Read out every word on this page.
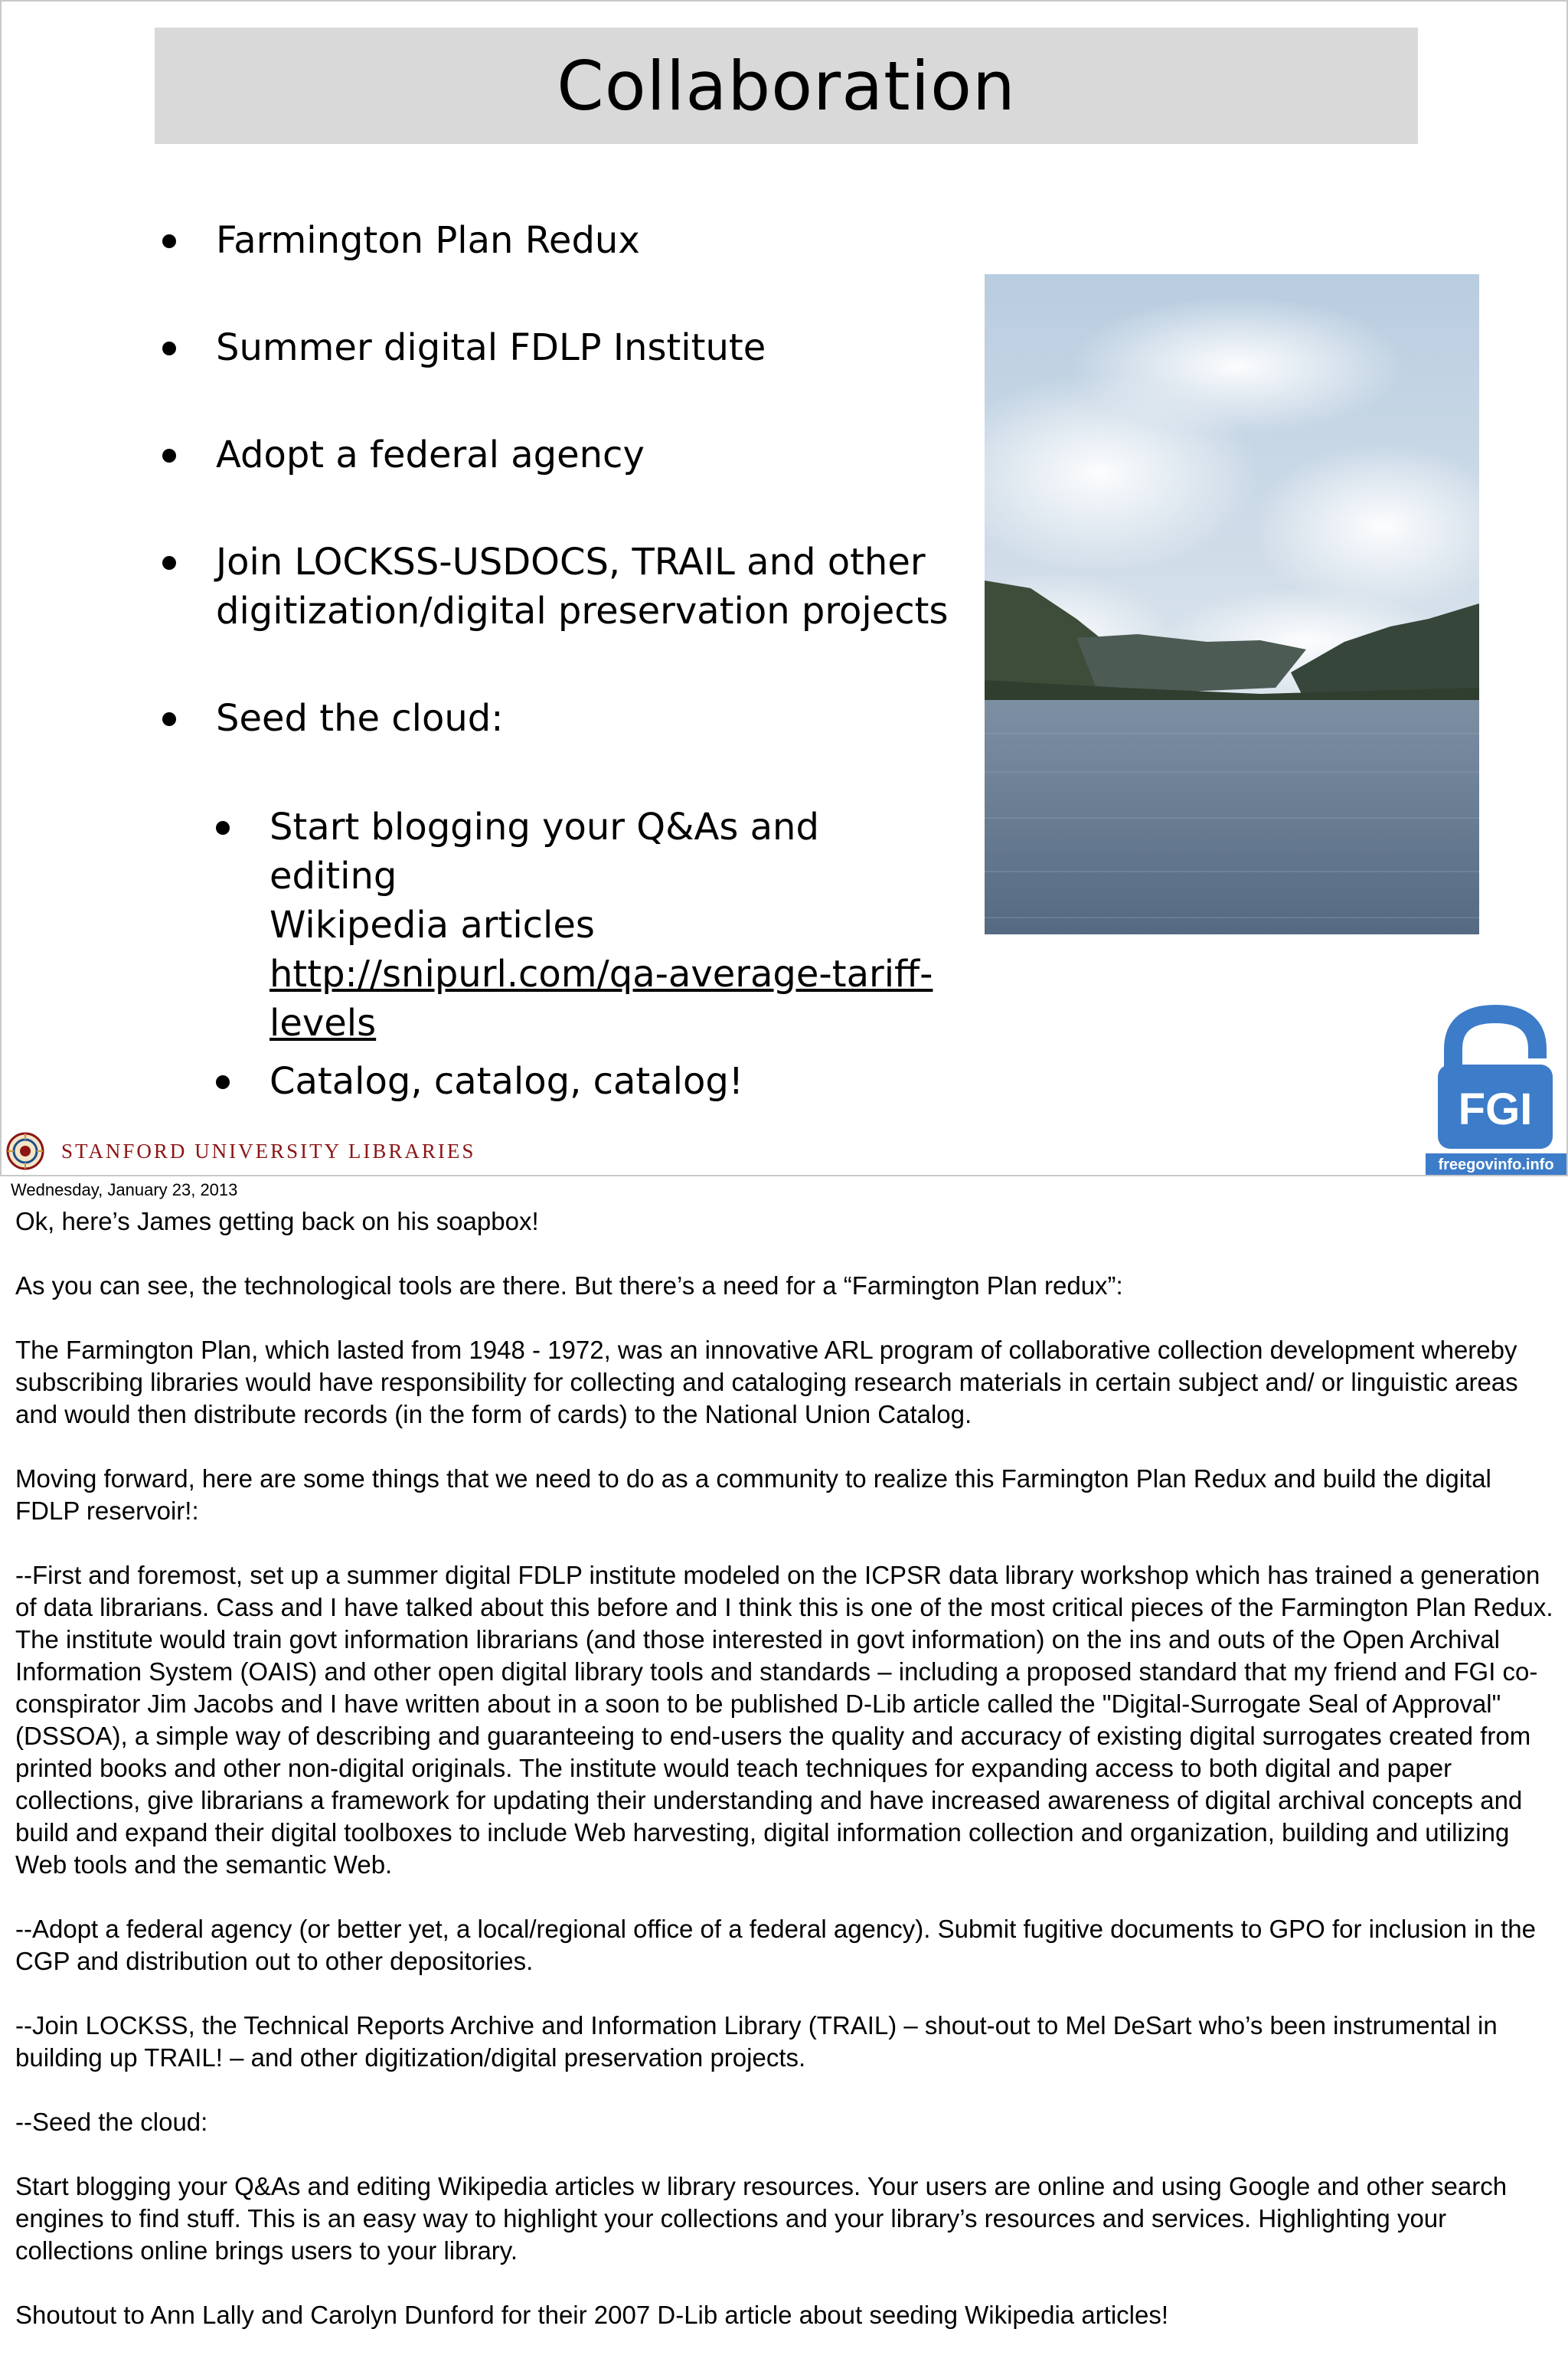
Collaboration
Farmington Plan Redux
Summer digital FDLP Institute
Adopt a federal agency
Join LOCKSS-USDOCS, TRAIL and other
digitization/digital preservation projects
Seed the cloud:
Start blogging your Q&As and editing
Wikipedia articles
http://snipurl.com/qa-average-tariff-
levels
Catalog, catalog, catalog!
STANFORD UNIVERSITY LIBRARIES
FGI
freegovinfo.info
Wednesday, January 23, 2013

Ok, here’s James getting back on his soapbox!

As you can see, the technological tools are there. But there’s a need for a “Farmington Plan redux”:

The Farmington Plan, which lasted from 1948 - 1972, was an innovative ARL program of collaborative collection development whereby subscribing libraries would have responsibility for collecting and cataloging research materials in certain subject and/ or linguistic areas and would then distribute records (in the form of cards) to the National Union Catalog.

Moving forward, here are some things that we need to do as a community to realize this Farmington Plan Redux and build the digital FDLP reservoir!:

--First and foremost, set up a summer digital FDLP institute modeled on the ICPSR data library workshop which has trained a generation of data librarians. Cass and I have talked about this before and I think this is one of the most critical pieces of the Farmington Plan Redux. The institute would train govt information librarians (and those interested in govt information) on the ins and outs of the Open Archival Information System (OAIS) and other open digital library tools and standards – including a proposed standard that my friend and FGI co-conspirator Jim Jacobs and I have written about in a soon to be published D-Lib article called the "Digital-Surrogate Seal of Approval" (DSSOA), a simple way of describing and guaranteeing to end-users the quality and accuracy of existing digital surrogates created from printed books and other non-digital originals. The institute would teach techniques for expanding access to both digital and paper collections, give librarians a framework for updating their understanding and have increased awareness of digital archival concepts and build and expand their digital toolboxes to include Web harvesting, digital information collection and organization, building and utilizing Web tools and the semantic Web.

--Adopt a federal agency (or better yet, a local/regional office of a federal agency). Submit fugitive documents to GPO for inclusion in the CGP and distribution out to other depositories.

--Join LOCKSS, the Technical Reports Archive and Information Library (TRAIL) – shout-out to Mel DeSart who’s been instrumental in building up TRAIL! – and other digitization/digital preservation projects.

--Seed the cloud:

Start blogging your Q&As and editing Wikipedia articles w library resources. Your users are online and using Google and other search engines to find stuff. This is an easy way to highlight your collections and your library’s resources and services. Highlighting your collections online brings users to your library.

Shoutout to Ann Lally and Carolyn Dunford for their 2007 D-Lib article about seeding Wikipedia articles!
